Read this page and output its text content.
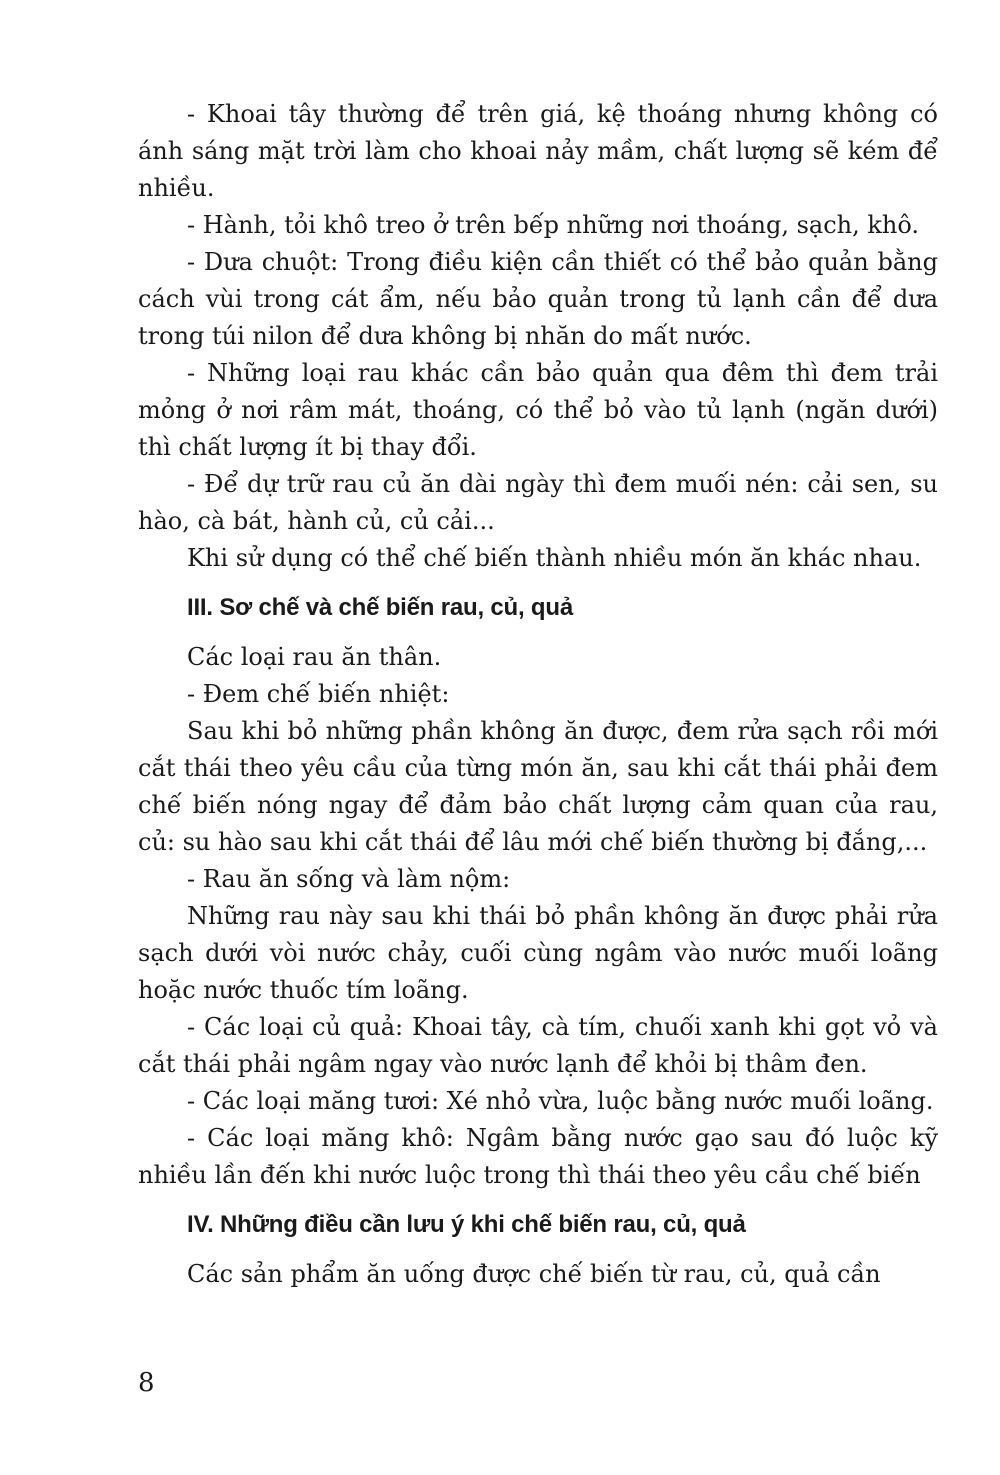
- Khoai tây thường để trên giá, kệ thoáng nhưng không có ánh sáng mặt trời làm cho khoai nảy mầm, chất lượng sẽ kém để nhiều.

- Hành, tỏi khô treo ở trên bếp những nơi thoáng, sạch, khô.

- Dưa chuột: Trong điều kiện cần thiết có thể bảo quản bằng cách vùi trong cát ẩm, nếu bảo quản trong tủ lạnh cần để dưa trong túi nilon để dưa không bị nhăn do mất nước.

- Những loại rau khác cần bảo quản qua đêm thì đem trải mỏng ở nơi râm mát, thoáng, có thể bỏ vào tủ lạnh (ngăn dưới) thì chất lượng ít bị thay đổi.

- Để dự trữ rau củ ăn dài ngày thì đem muối nén: cải sen, su hào, cà bát, hành củ, củ cải...

Khi sử dụng có thể chế biến thành nhiều món ăn khác nhau.

III. Sơ chế và chế biến rau, củ, quả

Các loại rau ăn thân.

- Đem chế biến nhiệt:

Sau khi bỏ những phần không ăn được, đem rửa sạch rồi mới cắt thái theo yêu cầu của từng món ăn, sau khi cắt thái phải đem chế biến nóng ngay để đảm bảo chất lượng cảm quan của rau, củ: su hào sau khi cắt thái để lâu mới chế biến thường bị đắng,...

- Rau ăn sống và làm nộm:

Những rau này sau khi thái bỏ phần không ăn được phải rửa sạch dưới vòi nước chảy, cuối cùng ngâm vào nước muối loãng hoặc nước thuốc tím loãng.

- Các loại củ quả: Khoai tây, cà tím, chuối xanh khi gọt vỏ và cắt thái phải ngâm ngay vào nước lạnh để khỏi bị thâm đen.

- Các loại măng tươi: Xé nhỏ vừa, luộc bằng nước muối loãng.

- Các loại măng khô: Ngâm bằng nước gạo sau đó luộc kỹ nhiều lần đến khi nước luộc trong thì thái theo yêu cầu chế biến

IV. Những điều cần lưu ý khi chế biến rau, củ, quả

Các sản phẩm ăn uống được chế biến từ rau, củ, quả cần

8
